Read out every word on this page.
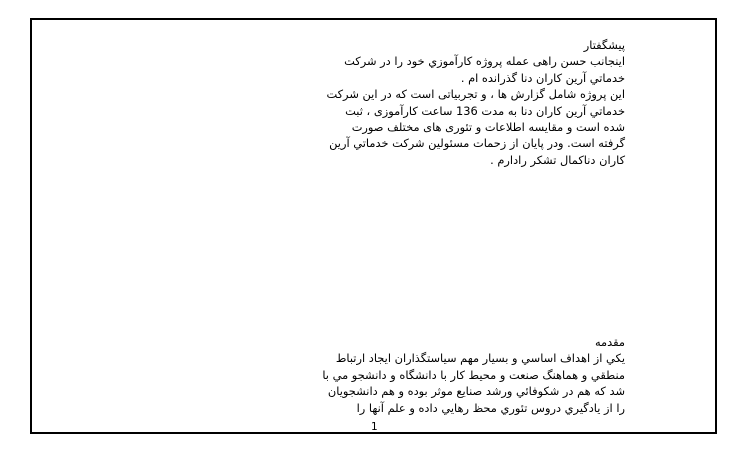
پیشگفتار
اینجانب حسن راهی عمله پروژه کارآموزي خود را در شرکت
خدماتي آرین کاران دنا گذرانده ام .
این پروژه شامل گزارش ها ، و تجربیاتی است که در این شرکت
خدماتي آرین کاران دنا به مدت 136 ساعت کارآموزی ، ثبت
شده است و مقایسه اطلاعات و تئوری های مختلف صورت
گرفته است. ودر پایان از زحمات مسئولین شرکت خدماتي آرین
کاران دناکمال تشکر رادارم .
مقدمه
يكي از اهداف اساسي و بسيار مهم سياستگذاران ايجاد ارتباط
منطقي و هماهنگ صنعت و محيط كار با دانشگاه و دانشجو مي با
شد كه هم در شكوفائي ورشد صنايع موثر بوده و هم دانشجويان
را از يادگيري دروس تئوري محظ رهايي داده و علم آنها را
1
